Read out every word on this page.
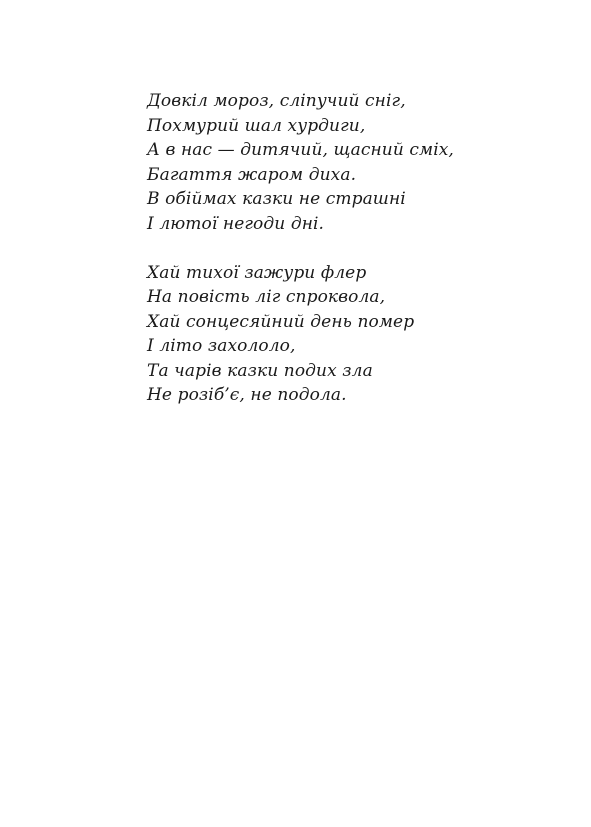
Довкіл мороз, сліпучий сніг,
Похмурий шал хурдиги,
А в нас — дитячий, щасний сміх,
Багаття жаром диха.
В обіймах казки не страшні
І лютої негоди дні.
Хай тихої зажури флер
На повість ліг спроквола,
Хай сонцесяйний день помер
І літо захололо,
Та чарів казки подих зла
Не розіб’є, не подола.
